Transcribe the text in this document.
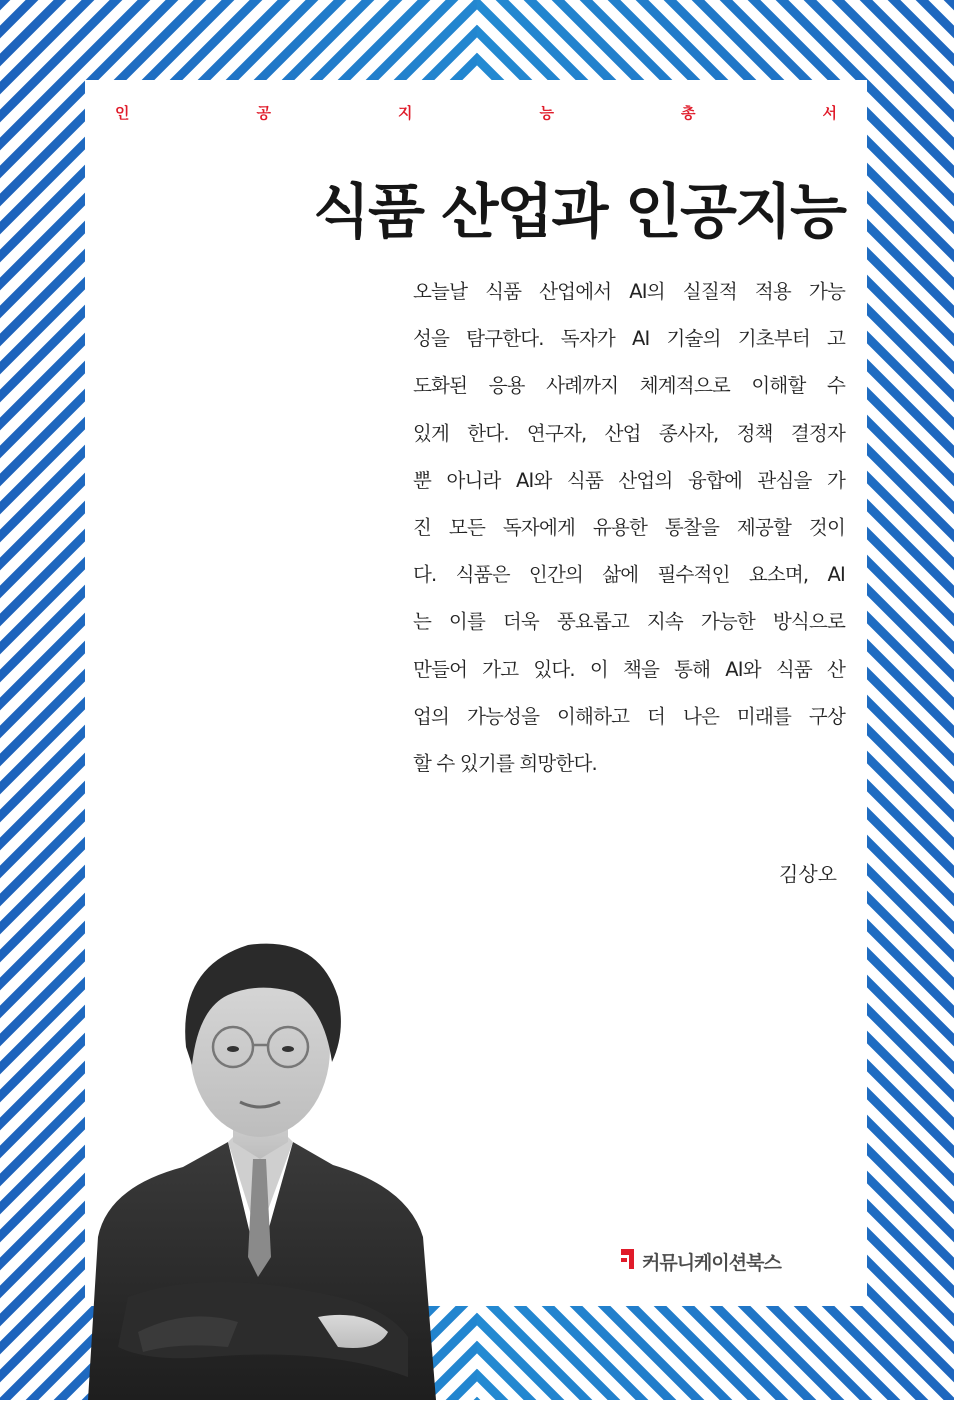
인	공	지	능	총	서
식품 산업과 인공지능
오늘날 식품 산업에서 AI의 실질적 적용 가능
성을 탐구한다. 독자가 AI 기술의 기초부터 고
도화된 응용 사례까지 체계적으로 이해할 수
있게 한다. 연구자, 산업 종사자, 정책 결정자
뿐 아니라 AI와 식품 산업의 융합에 관심을 가
진 모든 독자에게 유용한 통찰을 제공할 것이
다. 식품은 인간의 삶에 필수적인 요소며, AI
는 이를 더욱 풍요롭고 지속 가능한 방식으로
만들어 가고 있다. 이 책을 통해 AI와 식품 산
업의 가능성을 이해하고 더 나은 미래를 구상
할 수 있기를 희망한다.
김상오
커뮤니케이션북스
